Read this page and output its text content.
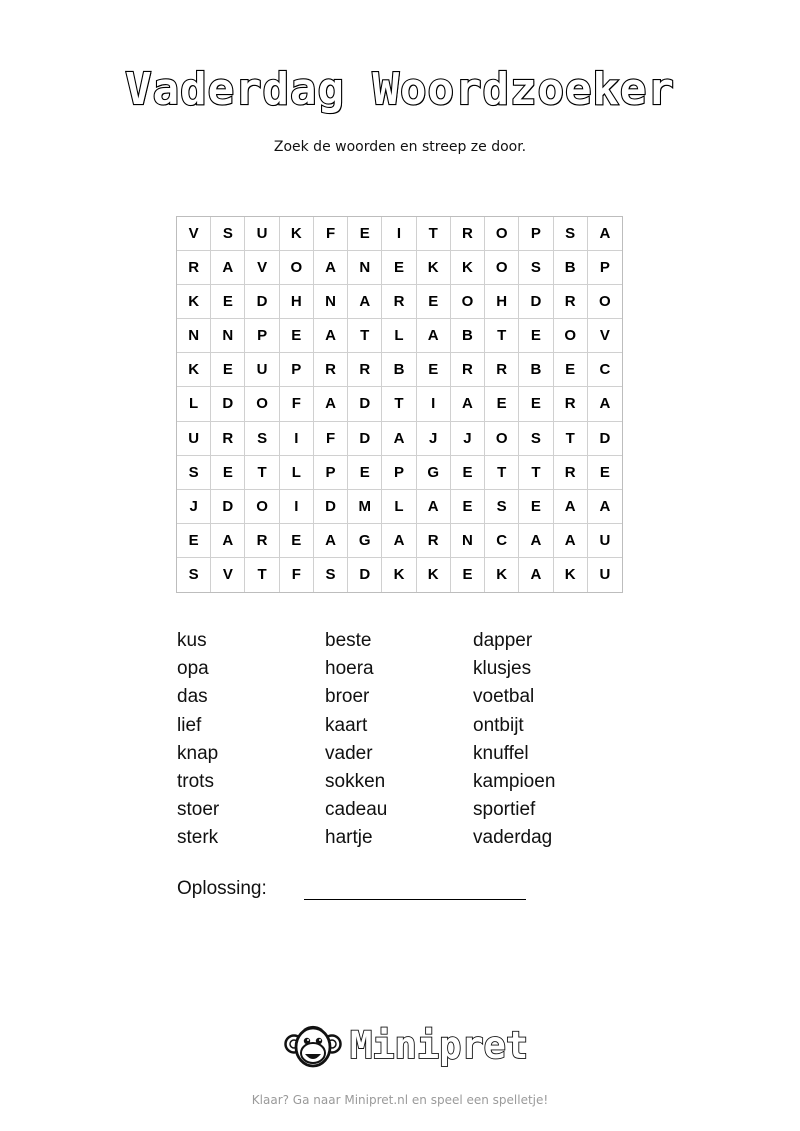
Vaderdag Woordzoeker
Zoek de woorden en streep ze door.
V	S	U	K	F	E	I	T	R	O	P	S	A
R	A	V	O	A	N	E	K	K	O	S	B	P
K	E	D	H	N	A	R	E	O	H	D	R	O
N	N	P	E	A	T	L	A	B	T	E	O	V
K	E	U	P	R	R	B	E	R	R	B	E	C
L	D	O	F	A	D	T	I	A	E	E	R	A
U	R	S	I	F	D	A	J	J	O	S	T	D
S	E	T	L	P	E	P	G	E	T	T	R	E
J	D	O	I	D	M	L	A	E	S	E	A	A
E	A	R	E	A	G	A	R	N	C	A	A	U
S	V	T	F	S	D	K	K	E	K	A	K	U
kus
opa
das
lief
knap
trots
stoer
sterk
beste
hoera
broer
kaart
vader
sokken
cadeau
hartje
dapper
klusjes
voetbal
ontbijt
knuffel
kampioen
sportief
vaderdag
Oplossing:
Minipret
Klaar? Ga naar Minipret.nl en speel een spelletje!
